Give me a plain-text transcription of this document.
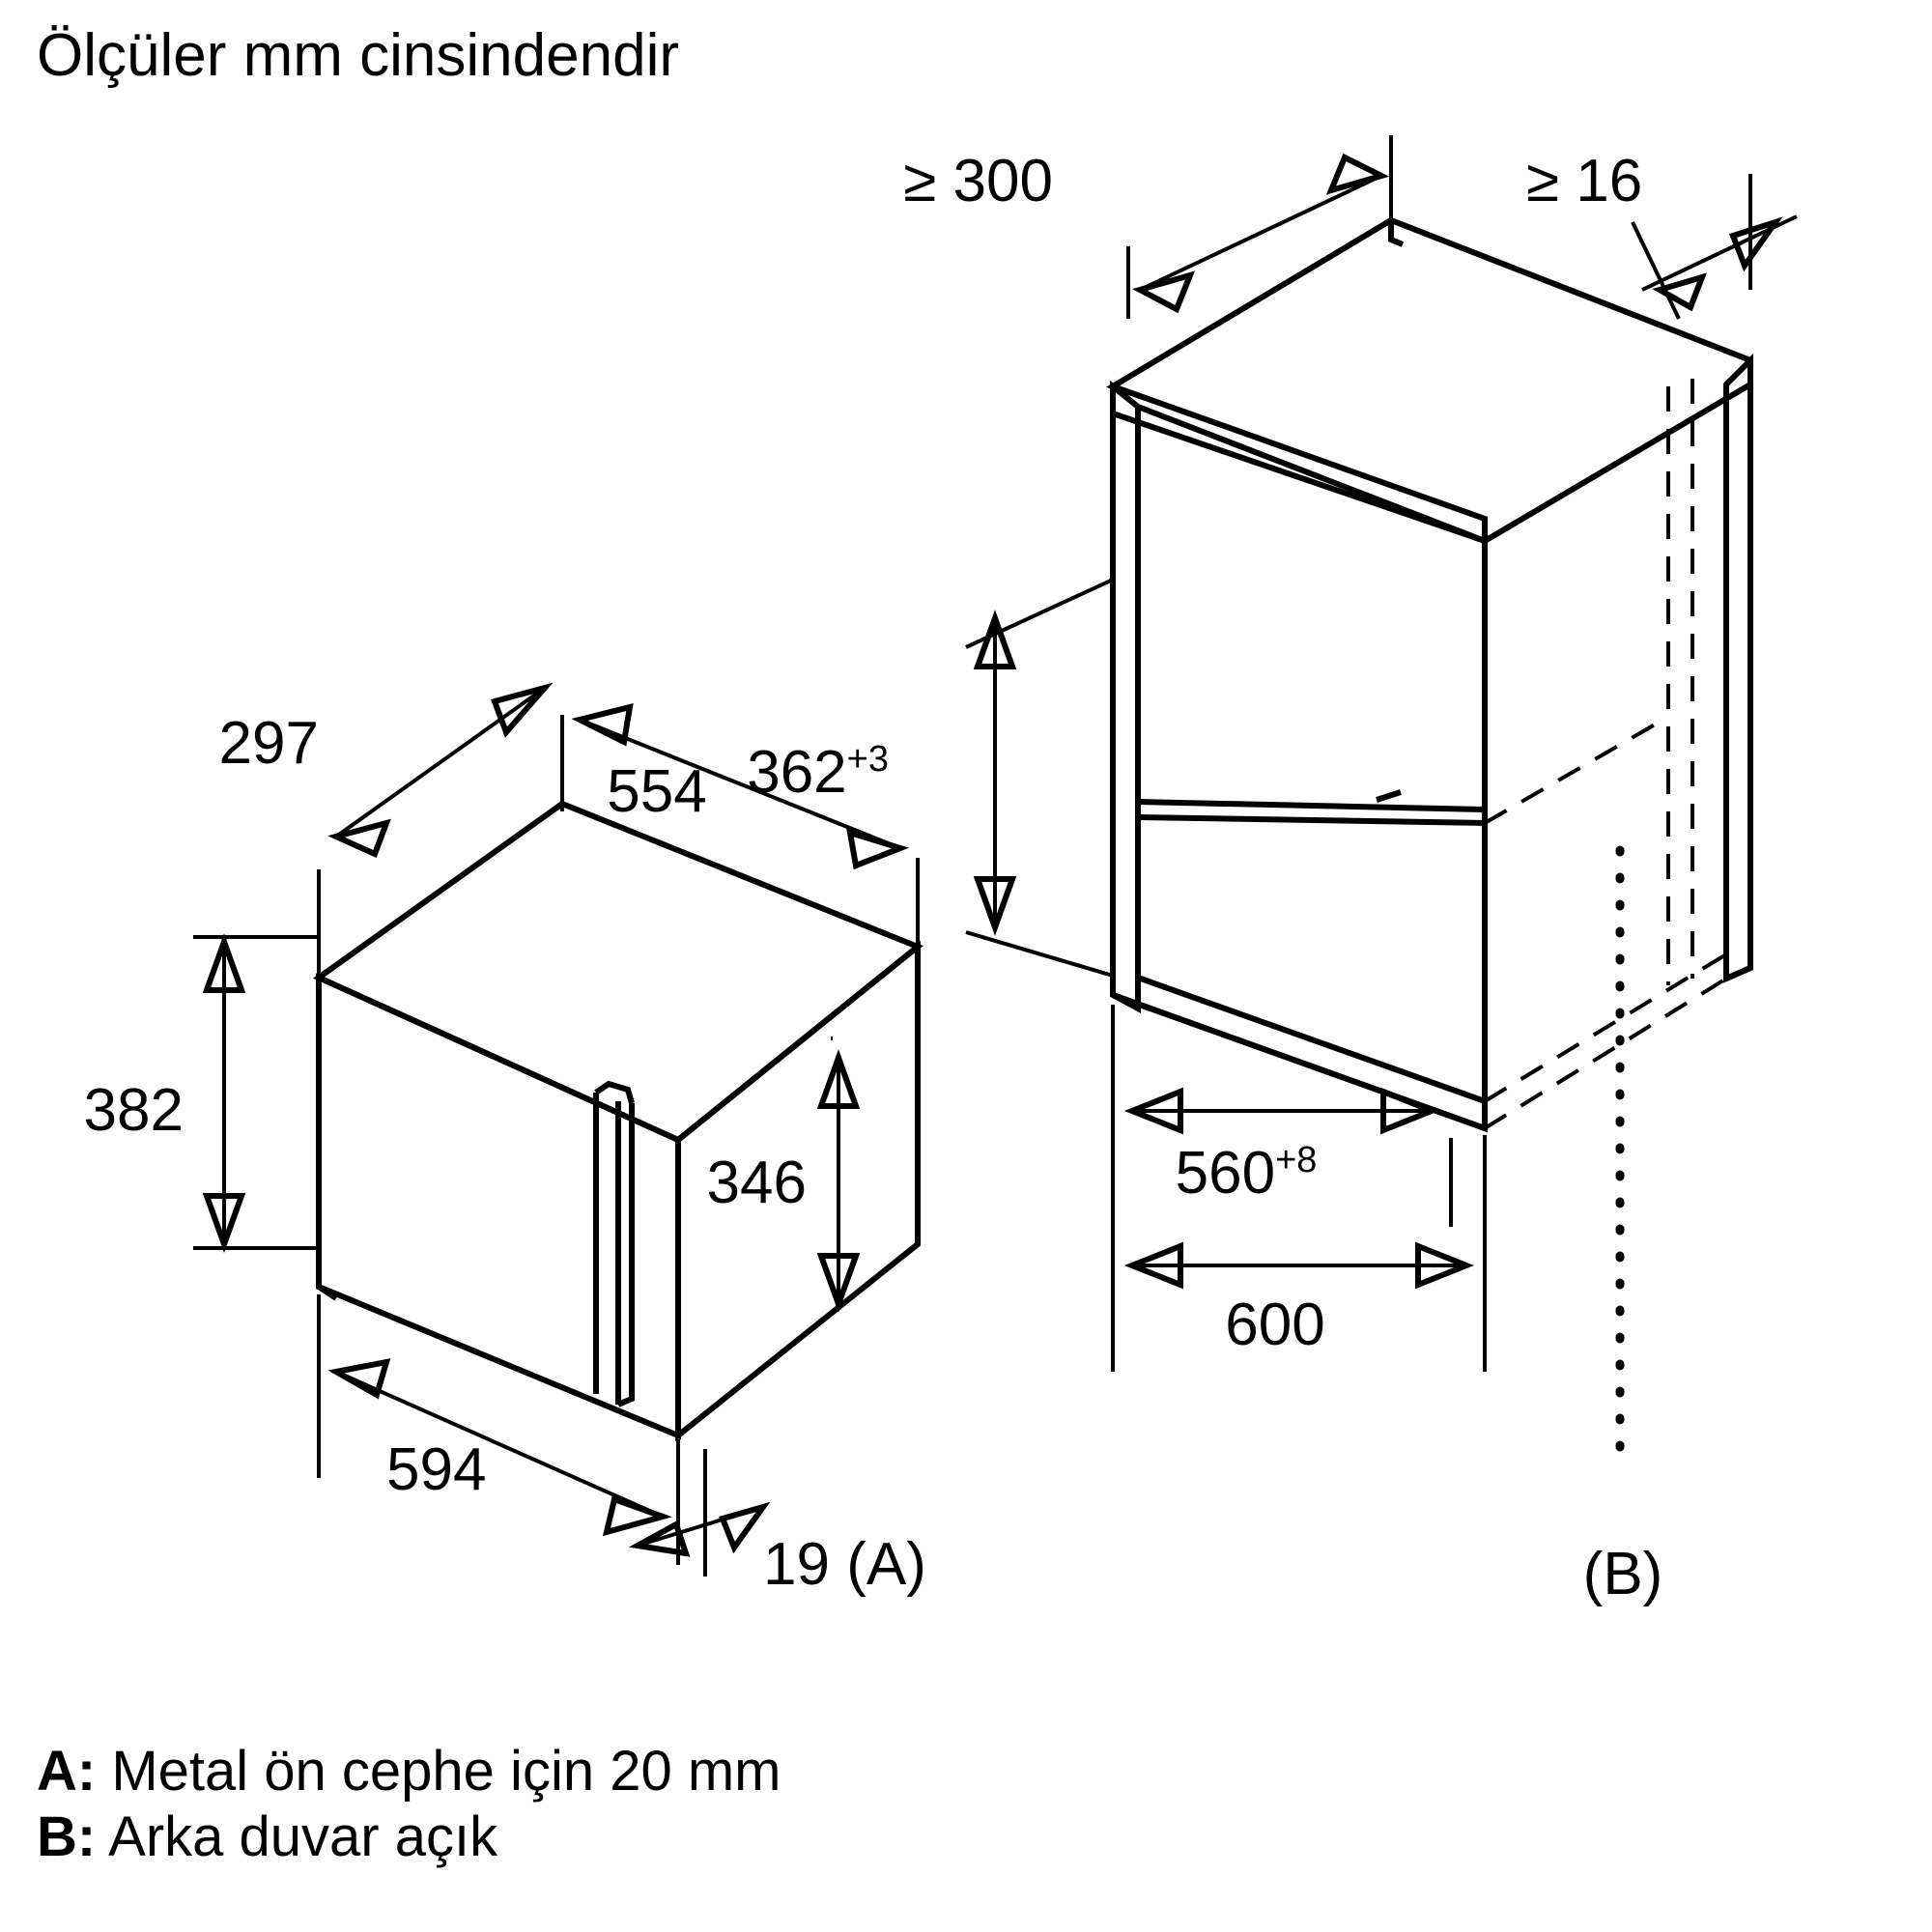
Ölçüler mm cinsindendir
≥ 300	≥ 16
297
554
382
346
594
19 (A)
$362^{+3}$
$560^{+8}$
600
(B)
A: Metal ön cephe için 20 mm
B: Arka duvar açık
